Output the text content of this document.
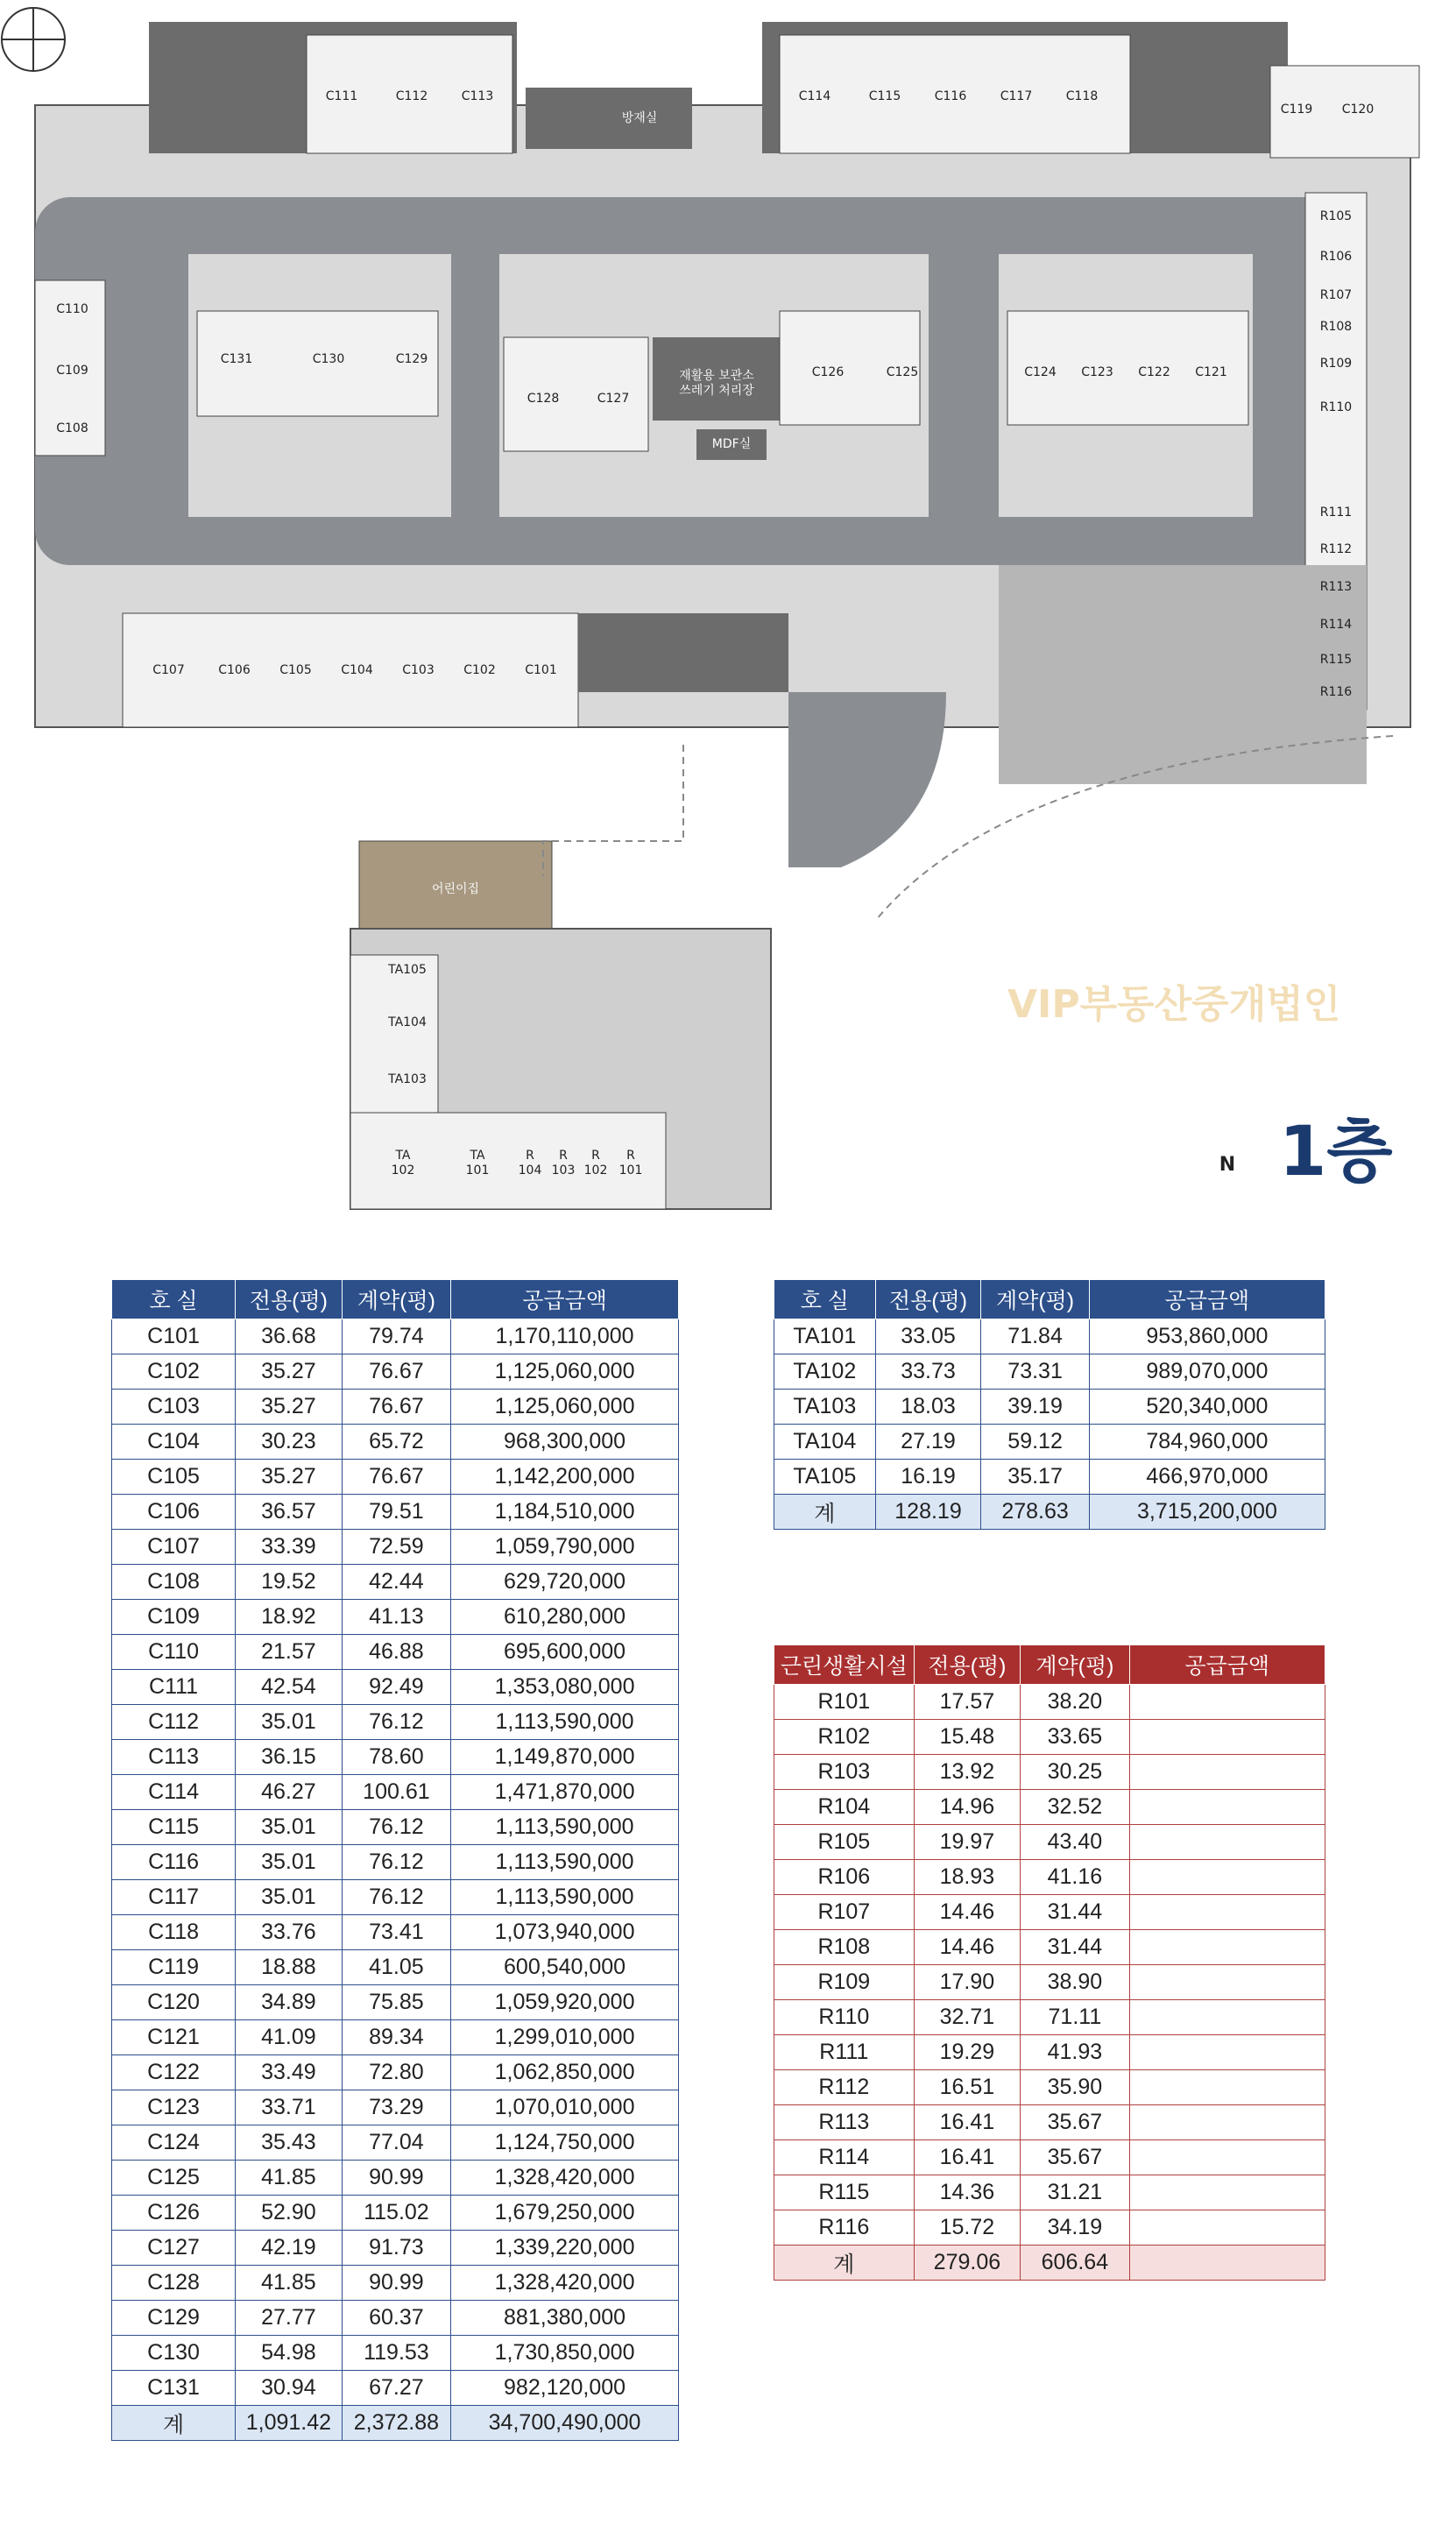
C111	C112	C113	C114	C115	C116	C117	C118
C119	C120
방재실
R105
R106
R107
R108
R109
R110
R111
R112
R113
R114
R115
R116
C110
C109
C108
C131	C130	C129
C128	C127
재활용 보관소
쓰레기 처리장
MDF실
C126	C125	C124	C123	C122	C121
C107	C106	C105	C104	C103	C102	C101
어린이집
TA105
TA104
TA103
TA 102
TA 101
R 104
R 103
R 102
R 101
VIP부동산중개법인
N 1층
호 실	전용(평)	계약(평)	공급금액
C101	36.68	79.74	1,170,110,000
C102	35.27	76.67	1,125,060,000
C103	35.27	76.67	1,125,060,000
C104	30.23	65.72	968,300,000
C105	35.27	76.67	1,142,200,000
C106	36.57	79.51	1,184,510,000
C107	33.39	72.59	1,059,790,000
C108	19.52	42.44	629,720,000
C109	18.92	41.13	610,280,000
C110	21.57	46.88	695,600,000
C111	42.54	92.49	1,353,080,000
C112	35.01	76.12	1,113,590,000
C113	36.15	78.60	1,149,870,000
C114	46.27	100.61	1,471,870,000
C115	35.01	76.12	1,113,590,000
C116	35.01	76.12	1,113,590,000
C117	35.01	76.12	1,113,590,000
C118	33.76	73.41	1,073,940,000
C119	18.88	41.05	600,540,000
C120	34.89	75.85	1,059,920,000
C121	41.09	89.34	1,299,010,000
C122	33.49	72.80	1,062,850,000
C123	33.71	73.29	1,070,010,000
C124	35.43	77.04	1,124,750,000
C125	41.85	90.99	1,328,420,000
C126	52.90	115.02	1,679,250,000
C127	42.19	91.73	1,339,220,000
C128	41.85	90.99	1,328,420,000
C129	27.77	60.37	881,380,000
C130	54.98	119.53	1,730,850,000
C131	30.94	67.27	982,120,000
계	1,091.42	2,372.88	34,700,490,000
호 실	전용(평)	계약(평)	공급금액
TA101	33.05	71.84	953,860,000
TA102	33.73	73.31	989,070,000
TA103	18.03	39.19	520,340,000
TA104	27.19	59.12	784,960,000
TA105	16.19	35.17	466,970,000
계	128.19	278.63	3,715,200,000
근린생활시설	전용(평)	계약(평)	공급금액
R101	17.57	38.20	
R102	15.48	33.65	
R103	13.92	30.25	
R104	14.96	32.52	
R105	19.97	43.40	
R106	18.93	41.16	
R107	14.46	31.44	
R108	14.46	31.44	
R109	17.90	38.90	
R110	32.71	71.11	
R111	19.29	41.93	
R112	16.51	35.90	
R113	16.41	35.67	
R114	16.41	35.67	
R115	14.36	31.21	
R116	15.72	34.19	
계	279.06	606.64	
